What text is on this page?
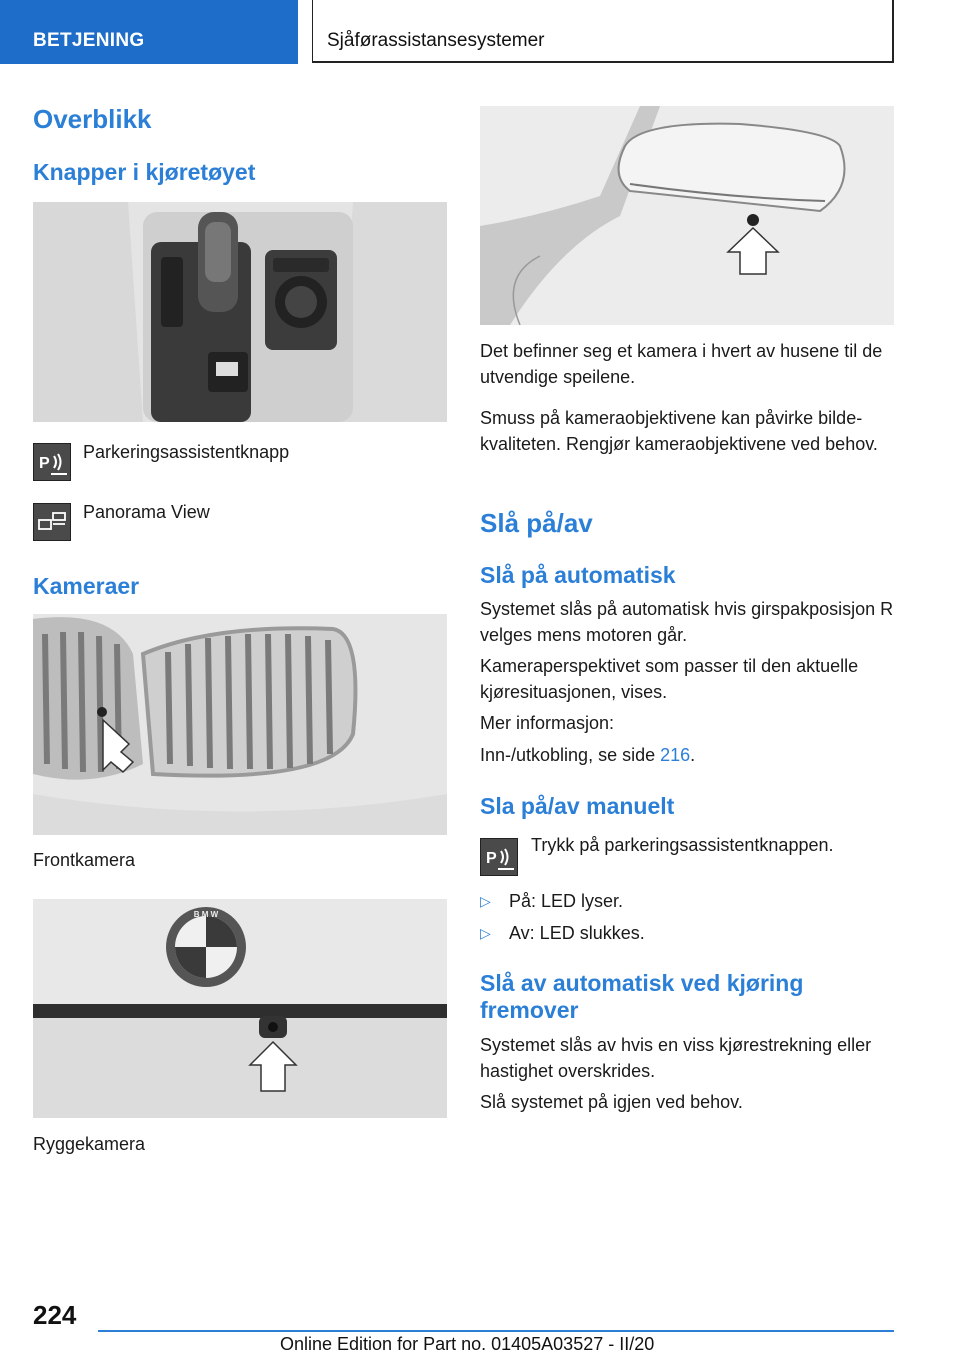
BETJENING	Sjåførassistansesystemer
Overblikk
Knapper i kjøretøyet
P
Parkeringsassistentknapp
Panorama View
Kameraer
Frontkamera
B M W
Ryggekamera
Det befinner seg et kamera i hvert av husene til de utvendige speilene.
Smuss på kameraobjektivene kan påvirke bildekvaliteten. Rengjør kameraobjektivene ved behov.
Slå på/av
Slå på automatisk
Systemet slås på automatisk hvis girspakposisjon R velges mens motoren går.
Kameraperspektivet som passer til den aktuelle kjøresituasjonen, vises.
Mer informasjon:
Inn-/utkobling, se side 216.
Sla på/av manuelt
P
Trykk på parkeringsassistentknappen.
▷ På: LED lyser.
▷ Av: LED slukkes.
Slå av automatisk ved kjøring fremover
Systemet slås av hvis en viss kjørestrekning eller hastighet overskrides.
Slå systemet på igjen ved behov.
224
Online Edition for Part no. 01405A03527 - II/20
